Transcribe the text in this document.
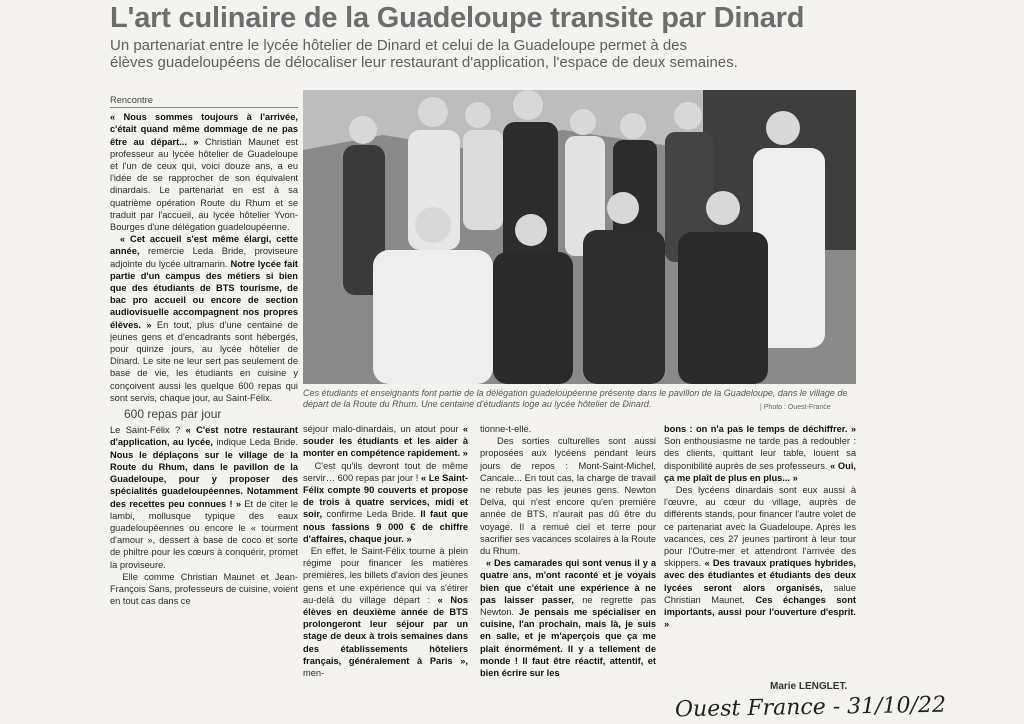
L'art culinaire de la Guadeloupe transite par Dinard
Un partenariat entre le lycée hôtelier de Dinard et celui de la Guadeloupe permet à des
élèves guadeloupéens de délocaliser leur restaurant d'application, l'espace de deux semaines.
Rencontre

« Nous sommes toujours à l'arrivée, c'était quand même dommage de ne pas être au départ... » Christian Maunet est professeur au lycée hôtelier de Guadeloupe et l'un de ceux qui, voici douze ans, a eu l'idée de se rapprocher de son équivalent dinardais. Le partenariat en est à sa quatrième opération Route du Rhum et se traduit par l'accueil, au lycée hôtelier Yvon-Bourges d'une délégation guadeloupéenne.

« Cet accueil s'est même élargi, cette année, remercie Leda Bride, proviseure adjointe du lycée ultramarin. Notre lycée fait partie d'un campus des métiers si bien que des étudiants de BTS tourisme, de bac pro accueil ou encore de section audiovisuelle accompagnent nos propres élèves. » En tout, plus d'une centaine de jeunes gens et d'encadrants sont hébergés, pour quinze jours, au lycée hôtelier de Dinard. Le site ne leur sert pas seulement de base de vie, les étudiants en cuisine y conçoivent aussi les quelque 600 repas qui sont servis, chaque jour, au Saint-Félix.

600 repas par jour

Le Saint-Félix ? « C'est notre restaurant d'application, au lycée, indique Leda Bride. Nous le déplaçons sur le village de la Route du Rhum, dans le pavillon de la Guadeloupe, pour y proposer des spécialités guadeloupéennes. Notamment des recettes peu connues ! » Et de citer le lambi, mollusque typique des eaux guadeloupéennes ou encore le « tourment d'amour », dessert à base de coco et sorte de philtre pour les cœurs à conquérir, promet la proviseure.

Elle comme Christian Maunet et Jean-François Sans, professeurs de cuisine, voient en tout cas dans ce

Ces étudiants et enseignants font partie de la délégation guadeloupéenne présente dans le pavillon de la Guadeloupe, dans le village de départ de la Route du Rhum. Une centaine d'étudiants loge au lycée hôtelier de Dinard.	| Photo : Ouest-France

séjour malo-dinardais, un atout pour « souder les étudiants et les aider à monter en compétence rapidement. »

C'est qu'ils devront tout de même servir… 600 repas par jour ! « Le Saint-Félix compte 90 couverts et propose de trois à quatre services, midi et soir, confirme Leda Bride. Il faut que nous fassions 9 000 € de chiffre d'affaires, chaque jour. »

En effet, le Saint-Félix tourne à plein régime pour financer les matières premières, les billets d'avion des jeunes gens et une expérience qui va s'étirer au-delà du village départ : « Nos élèves en deuxième année de BTS prolongeront leur séjour par un stage de deux à trois semaines dans des établissements hôteliers français, généralement à Paris », men-

tionne-t-elle.

Des sorties culturelles sont aussi proposées aux lycéens pendant leurs jours de repos : Mont-Saint-Michel, Cancale... En tout cas, la charge de travail ne rebute pas les jeunes gens. Newton Delva, qui n'est encore qu'en première année de BTS, n'aurait pas dû être du voyage. Il a remué ciel et terre pour sacrifier ses vacances scolaires à la Route du Rhum.

« Des camarades qui sont venus il y a quatre ans, m'ont raconté et je voyais bien que c'était une expérience à ne pas laisser passer, ne regrette pas Newton. Je pensais me spécialiser en cuisine, l'an prochain, mais là, je suis en salle, et je m'aperçois que ça me plaît énormément. Il y a tellement de monde ! Il faut être réactif, attentif, et bien écrire sur les

bons : on n'a pas le temps de déchiffrer. » Son enthousiasme ne tarde pas à redoubler : des clients, quittant leur table, louent sa disponibilité auprès de ses professeurs. « Oui, ça me plaît de plus en plus... »

Des lycéens dinardais sont eux aussi à l'œuvre, au cœur du village, auprès de différents stands, pour financer l'autre volet de ce partenariat avec la Guadeloupe. Après les vacances, ces 27 jeunes partiront à leur tour pour l'Outre-mer et attendront l'arrivée des skippers. « Des travaux pratiques hybrides, avec des étudiantes et étudiants des deux lycées seront alors organisés, salue Christian Maunet. Ces échanges sont importants, aussi pour l'ouverture d'esprit. »

Marie LENGLET.
Ouest France - 31/10/22
